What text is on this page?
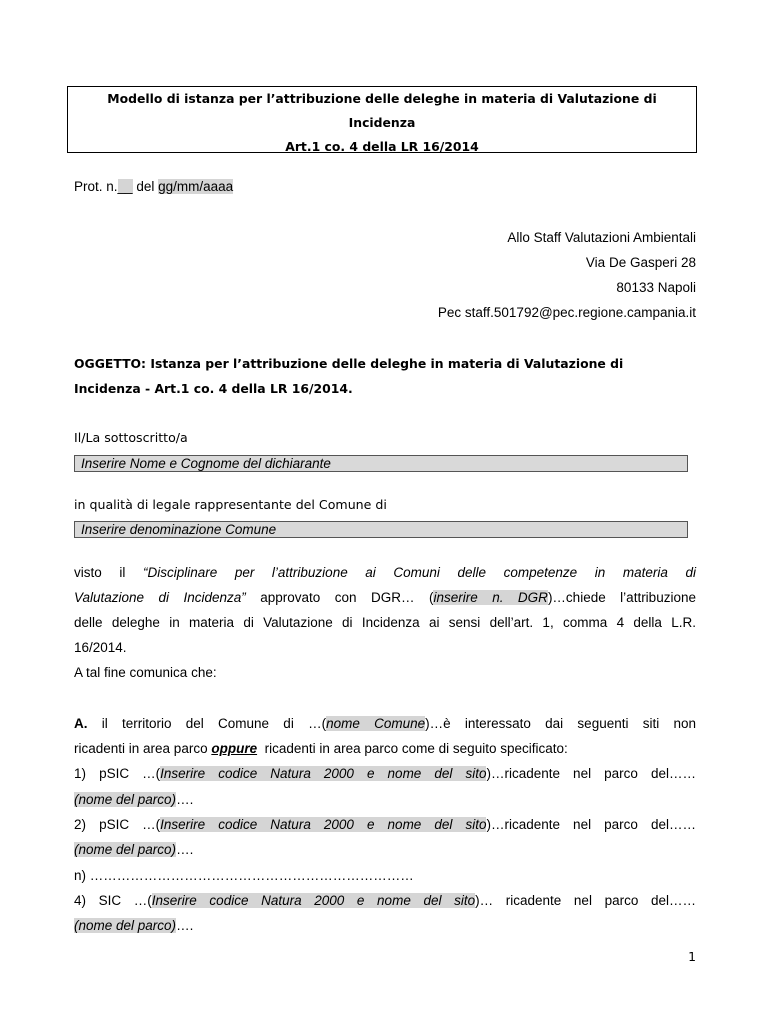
Modello di istanza per l’attribuzione delle deleghe in materia di Valutazione di
Incidenza
Art.1 co. 4 della LR 16/2014
Prot. n.__ del gg/mm/aaaa
Allo Staff Valutazioni Ambientali
Via De Gasperi 28
80133 Napoli
Pec staff.501792@pec.regione.campania.it
OGGETTO: Istanza per l’attribuzione delle deleghe in materia di Valutazione di
Incidenza - Art.1 co. 4 della LR 16/2014.
Il/La sottoscritto/a
Inserire Nome e Cognome del dichiarante
in qualità di legale rappresentante del Comune di
Inserire denominazione Comune
visto il “Disciplinare per l’attribuzione ai Comuni delle competenze in materia di
Valutazione di Incidenza” approvato con DGR… (inserire n. DGR)…chiede l’attribuzione
delle deleghe in materia di Valutazione di Incidenza ai sensi dell’art. 1, comma 4 della L.R.
16/2014.
A tal fine comunica che:
A. il territorio del Comune di …(nome Comune)…è interessato dai seguenti siti non
ricadenti in area parco oppure  ricadenti in area parco come di seguito specificato:
1) pSIC …(Inserire codice Natura 2000 e nome del sito)…ricadente nel parco del……
(nome del parco)….
2) pSIC …(Inserire codice Natura 2000 e nome del sito)…ricadente nel parco del……
(nome del parco)….
n) ………………………………………………………………
4) SIC …(Inserire codice Natura 2000 e nome del sito)… ricadente nel parco del……
(nome del parco)….
1
